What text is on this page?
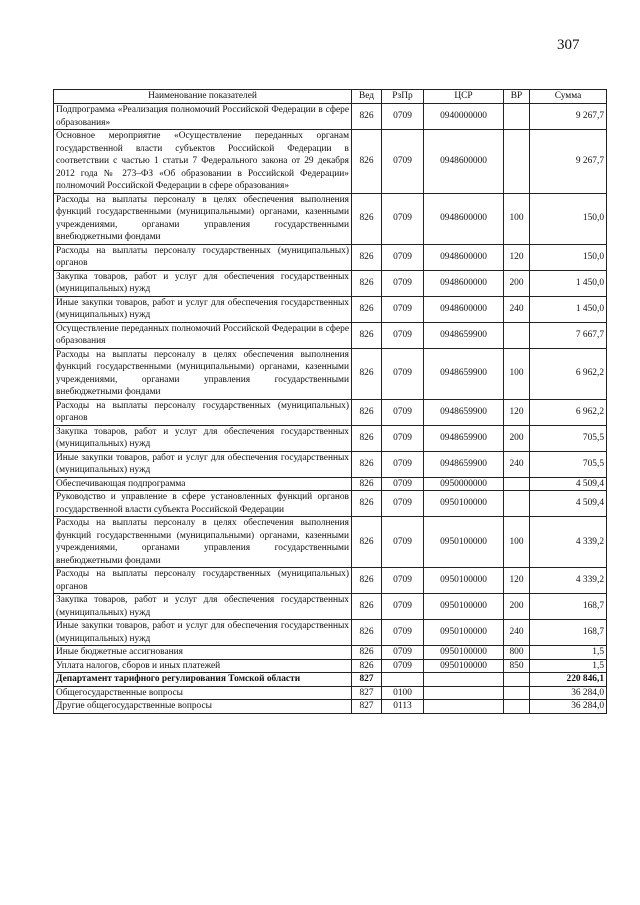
307
Наименование показателей	Вед	РзПр	ЦСР	ВР	Сумма
Подпрограмма «Реализация полномочий Российской Федерации в сфере образования»	826	0709	0940000000		9 267,7
Основное мероприятие «Осуществление переданных органам государственной власти субъектов Российской Федерации в соответствии с частью 1 статьи 7 Федерального закона от 29 декабря 2012 года № 273–ФЗ «Об образовании в Российской Федерации» полномочий Российской Федерации в сфере образования»	826	0709	0948600000		9 267,7
Расходы на выплаты персоналу в целях обеспечения выполнения функций государственными (муниципальными) органами, казенными учреждениями, органами управления государственными внебюджетными фондами	826	0709	0948600000	100	150,0
Расходы на выплаты персоналу государственных (муниципальных) органов	826	0709	0948600000	120	150,0
Закупка товаров, работ и услуг для обеспечения государственных (муниципальных) нужд	826	0709	0948600000	200	1 450,0
Иные закупки товаров, работ и услуг для обеспечения государственных (муниципальных) нужд	826	0709	0948600000	240	1 450,0
Осуществление переданных полномочий Российской Федерации в сфере образования	826	0709	0948659900		7 667,7
Расходы на выплаты персоналу в целях обеспечения выполнения функций государственными (муниципальными) органами, казенными учреждениями, органами управления государственными внебюджетными фондами	826	0709	0948659900	100	6 962,2
Расходы на выплаты персоналу государственных (муниципальных) органов	826	0709	0948659900	120	6 962,2
Закупка товаров, работ и услуг для обеспечения государственных (муниципальных) нужд	826	0709	0948659900	200	705,5
Иные закупки товаров, работ и услуг для обеспечения государственных (муниципальных) нужд	826	0709	0948659900	240	705,5
Обеспечивающая подпрограмма	826	0709	0950000000		4 509,4
Руководство и управление в сфере установленных функций органов государственной власти субъекта Российской Федерации	826	0709	0950100000		4 509,4
Расходы на выплаты персоналу в целях обеспечения выполнения функций государственными (муниципальными) органами, казенными учреждениями, органами управления государственными внебюджетными фондами	826	0709	0950100000	100	4 339,2
Расходы на выплаты персоналу государственных (муниципальных) органов	826	0709	0950100000	120	4 339,2
Закупка товаров, работ и услуг для обеспечения государственных (муниципальных) нужд	826	0709	0950100000	200	168,7
Иные закупки товаров, работ и услуг для обеспечения государственных (муниципальных) нужд	826	0709	0950100000	240	168,7
Иные бюджетные ассигнования	826	0709	0950100000	800	1,5
Уплата налогов, сборов и иных платежей	826	0709	0950100000	850	1,5
Департамент тарифного регулирования Томской области	827				220 846,1
Общегосударственные вопросы	827	0100			36 284,0
Другие общегосударственные вопросы	827	0113			36 284,0
